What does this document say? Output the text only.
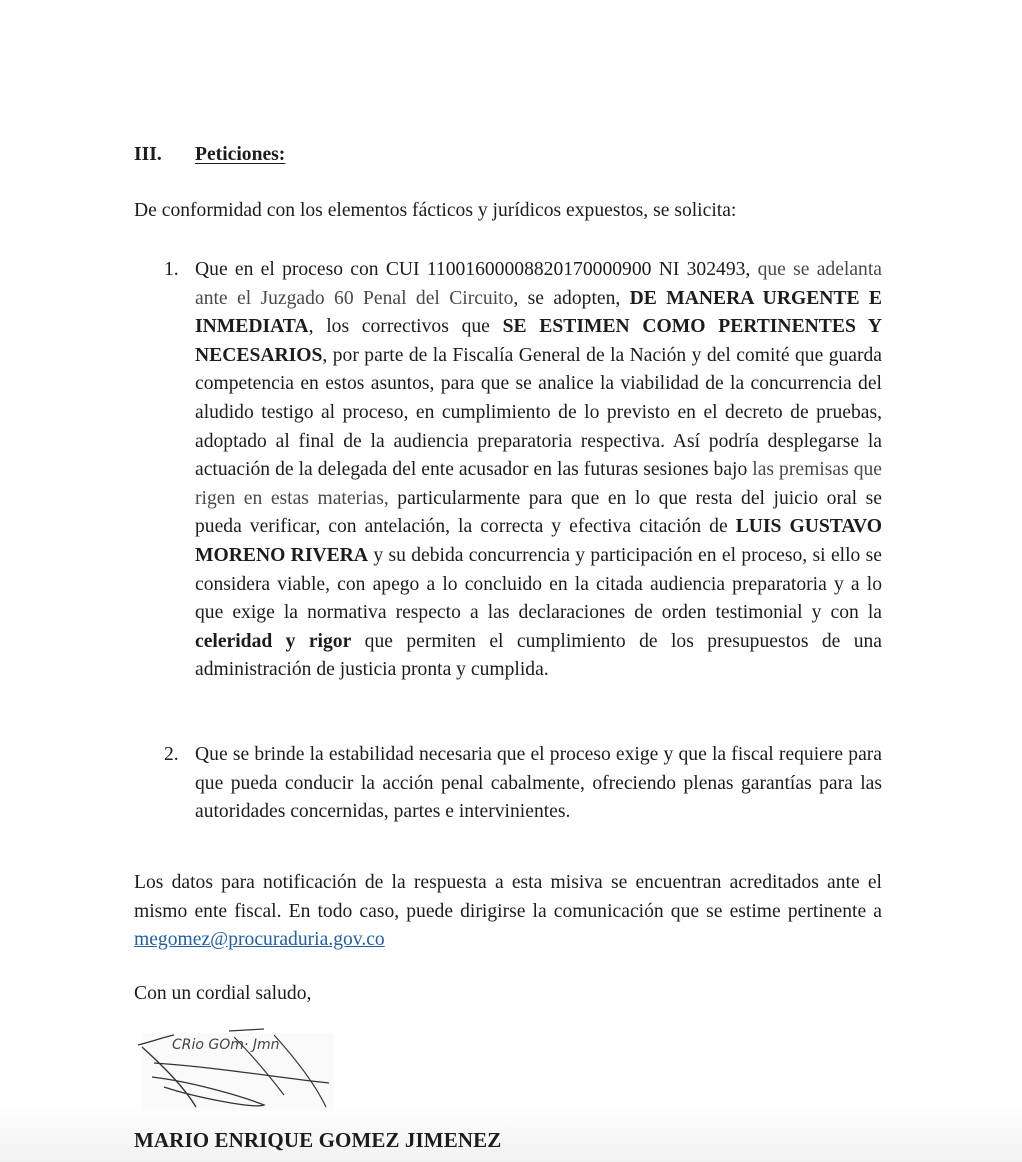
III. Peticiones:
De conformidad con los elementos fácticos y jurídicos expuestos, se solicita:
1. Que en el proceso con CUI 11001600008820170000900 NI 302493, que se adelanta ante el Juzgado 60 Penal del Circuito, se adopten, DE MANERA URGENTE E INMEDIATA, los correctivos que SE ESTIMEN COMO PERTINENTES Y NECESARIOS, por parte de la Fiscalía General de la Nación y del comité que guarda competencia en estos asuntos, para que se analice la viabilidad de la concurrencia del aludido testigo al proceso, en cumplimiento de lo previsto en el decreto de pruebas, adoptado al final de la audiencia preparatoria respectiva. Así podría desplegarse la actuación de la delegada del ente acusador en las futuras sesiones bajo las premisas que rigen en estas materias, particularmente para que en lo que resta del juicio oral se pueda verificar, con antelación, la correcta y efectiva citación de LUIS GUSTAVO MORENO RIVERA y su debida concurrencia y participación en el proceso, si ello se considera viable, con apego a lo concluido en la citada audiencia preparatoria y a lo que exige la normativa respecto a las declaraciones de orden testimonial y con la celeridad y rigor que permiten el cumplimiento de los presupuestos de una administración de justicia pronta y cumplida.
2. Que se brinde la estabilidad necesaria que el proceso exige y que la fiscal requiere para que pueda conducir la acción penal cabalmente, ofreciendo plenas garantías para las autoridades concernidas, partes e intervinientes.
Los datos para notificación de la respuesta a esta misiva se encuentran acreditados ante el mismo ente fiscal. En todo caso, puede dirigirse la comunicación que se estime pertinente a megomez@procuraduria.gov.co
Con un cordial saludo,
CRio GOm· Jmn
MARIO ENRIQUE GOMEZ JIMENEZ
